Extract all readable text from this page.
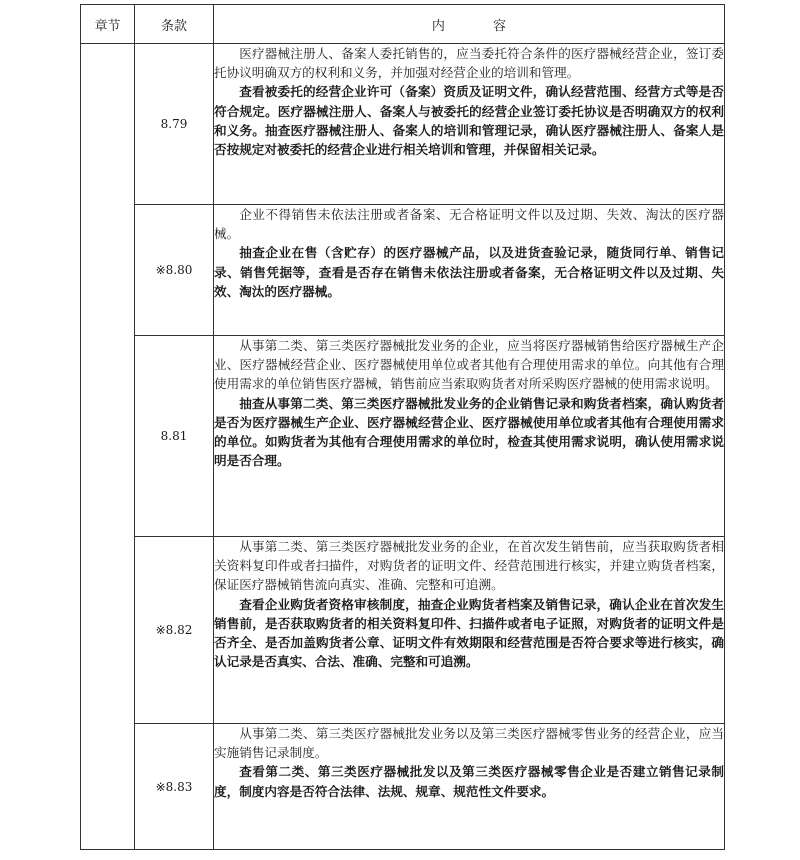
章节	条款	内 容
	8.79	医疗器械注册人、备案人委托销售的，应当委托符合条件的医疗器械经营企业，签订委托协议明确双方的权利和义务，并加强对经营企业的培训和管理。

查看被委托的经营企业许可（备案）资质及证明文件，确认经营范围、经营方式等是否符合规定。医疗器械注册人、备案人与被委托的经营企业签订委托协议是否明确双方的权利和义务。抽查医疗器械注册人、备案人的培训和管理记录，确认医疗器械注册人、备案人是否按规定对被委托的经营企业进行相关培训和管理，并保留相关记录。

	※8.80	企业不得销售未依法注册或者备案、无合格证明文件以及过期、失效、淘汰的医疗器械。

抽查企业在售（含贮存）的医疗器械产品，以及进货查验记录，随货同行单、销售记录、销售凭据等，查看是否存在销售未依法注册或者备案，无合格证明文件以及过期、失效、淘汰的医疗器械。

	8.81	从事第二类、第三类医疗器械批发业务的企业，应当将医疗器械销售给医疗器械生产企业、医疗器械经营企业、医疗器械使用单位或者其他有合理使用需求的单位。向其他有合理使用需求的单位销售医疗器械，销售前应当索取购货者对所采购医疗器械的使用需求说明。

抽查从事第二类、第三类医疗器械批发业务的企业销售记录和购货者档案，确认购货者是否为医疗器械生产企业、医疗器械经营企业、医疗器械使用单位或者其他有合理使用需求的单位。如购货者为其他有合理使用需求的单位时，检查其使用需求说明，确认使用需求说明是否合理。

	※8.82	从事第二类、第三类医疗器械批发业务的企业，在首次发生销售前，应当获取购货者相关资料复印件或者扫描件，对购货者的证明文件、经营范围进行核实，并建立购货者档案，保证医疗器械销售流向真实、准确、完整和可追溯。

查看企业购货者资格审核制度，抽查企业购货者档案及销售记录，确认企业在首次发生销售前，是否获取购货者的相关资料复印件、扫描件或者电子证照，对购货者的证明文件是否齐全、是否加盖购货者公章、证明文件有效期限和经营范围是否符合要求等进行核实，确认记录是否真实、合法、准确、完整和可追溯。

	※8.83	从事第二类、第三类医疗器械批发业务以及第三类医疗器械零售业务的经营企业，应当实施销售记录制度。

查看第二类、第三类医疗器械批发以及第三类医疗器械零售企业是否建立销售记录制度，制度内容是否符合法律、法规、规章、规范性文件要求。
